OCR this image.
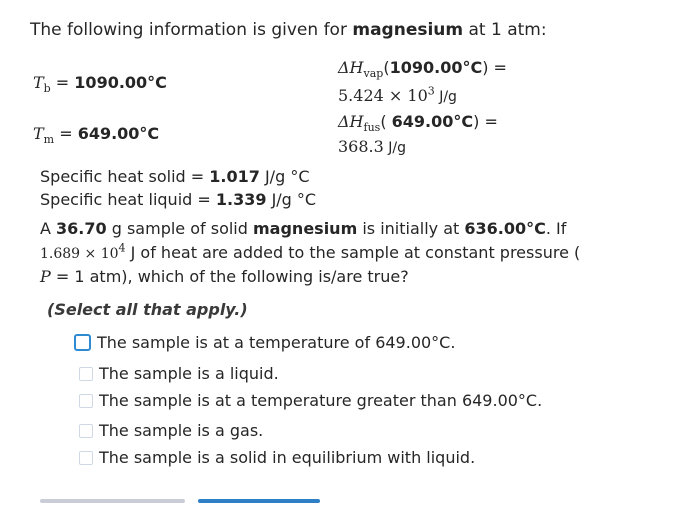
The following information is given for magnesium at 1 atm:
$T_b = 1090.00^\circ C$
$T_m = 649.00^\circ C$
$\Delta H_{vap}(1090.00^\circ C)$ =
$5.424 \times 10^3$ J/g
$\Delta H_{fus}$( 649.00°C) =
368.3 J/g
Specific heat solid = 1.017 J/g °C
Specific heat liquid = 1.339 J/g °C
A 36.70 g sample of solid magnesium is initially at 636.00°C. If
$1.689 \times 10^4$ J of heat are added to the sample at constant pressure (
P = 1 atm), which of the following is/are true?
(Select all that apply.)
The sample is at a temperature of 649.00°C.
The sample is a liquid.
The sample is at a temperature greater than 649.00°C.
The sample is a gas.
The sample is a solid in equilibrium with liquid.
